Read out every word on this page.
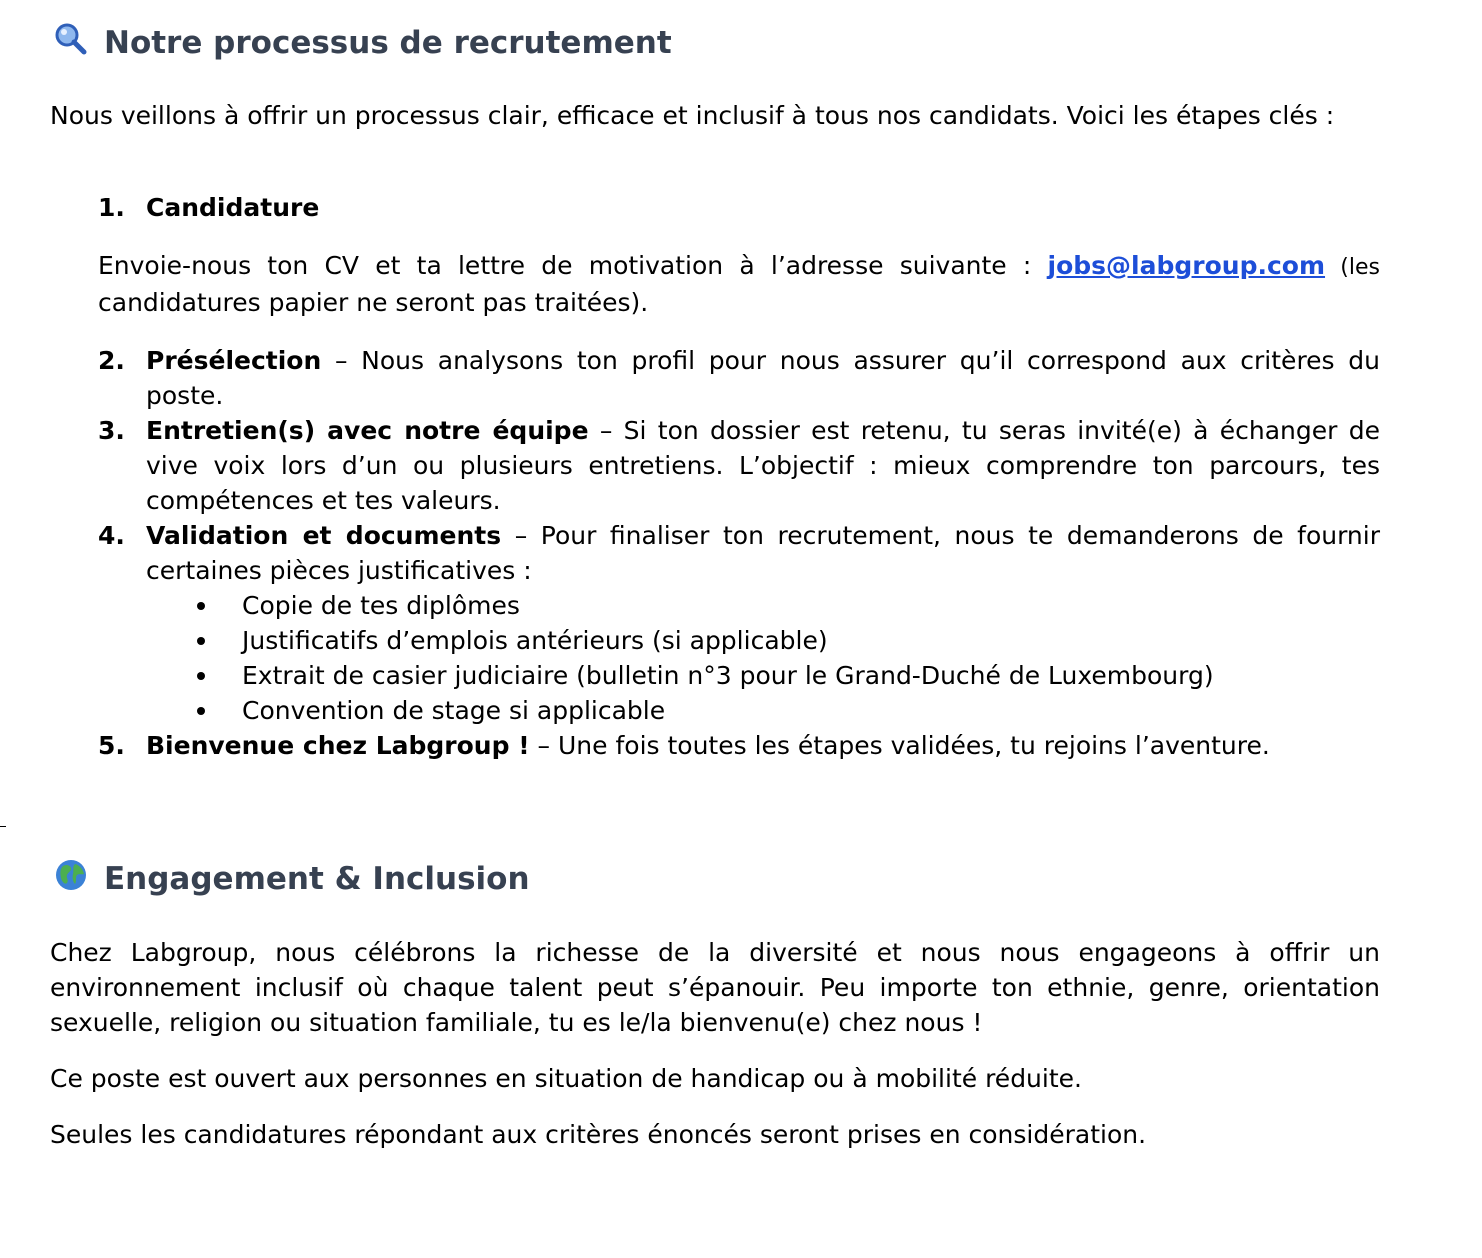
Notre processus de recrutement

Nous veillons à offrir un processus clair, efficace et inclusif à tous nos candidats. Voici les étapes clés :

1. Candidature
Envoie-nous ton CV et ta lettre de motivation à l’adresse suivante : jobs@labgroup.com (les candidatures papier ne seront pas traitées).
2. Présélection – Nous analysons ton profil pour nous assurer qu’il correspond aux critères du poste.
3. Entretien(s) avec notre équipe – Si ton dossier est retenu, tu seras invité(e) à échanger de vive voix lors d’un ou plusieurs entretiens. L’objectif : mieux comprendre ton parcours, tes compétences et tes valeurs.
4. Validation et documents – Pour finaliser ton recrutement, nous te demanderons de fournir certaines pièces justificatives :
Copie de tes diplômes
Justificatifs d’emplois antérieurs (si applicable)
Extrait de casier judiciaire (bulletin n°3 pour le Grand-Duché de Luxembourg)
Convention de stage si applicable
5. Bienvenue chez Labgroup ! – Une fois toutes les étapes validées, tu rejoins l’aventure.
Engagement & Inclusion

Chez Labgroup, nous célébrons la richesse de la diversité et nous nous engageons à offrir un environnement inclusif où chaque talent peut s’épanouir. Peu importe ton ethnie, genre, orientation sexuelle, religion ou situation familiale, tu es le/la bienvenu(e) chez nous !

Ce poste est ouvert aux personnes en situation de handicap ou à mobilité réduite.

Seules les candidatures répondant aux critères énoncés seront prises en considération.
